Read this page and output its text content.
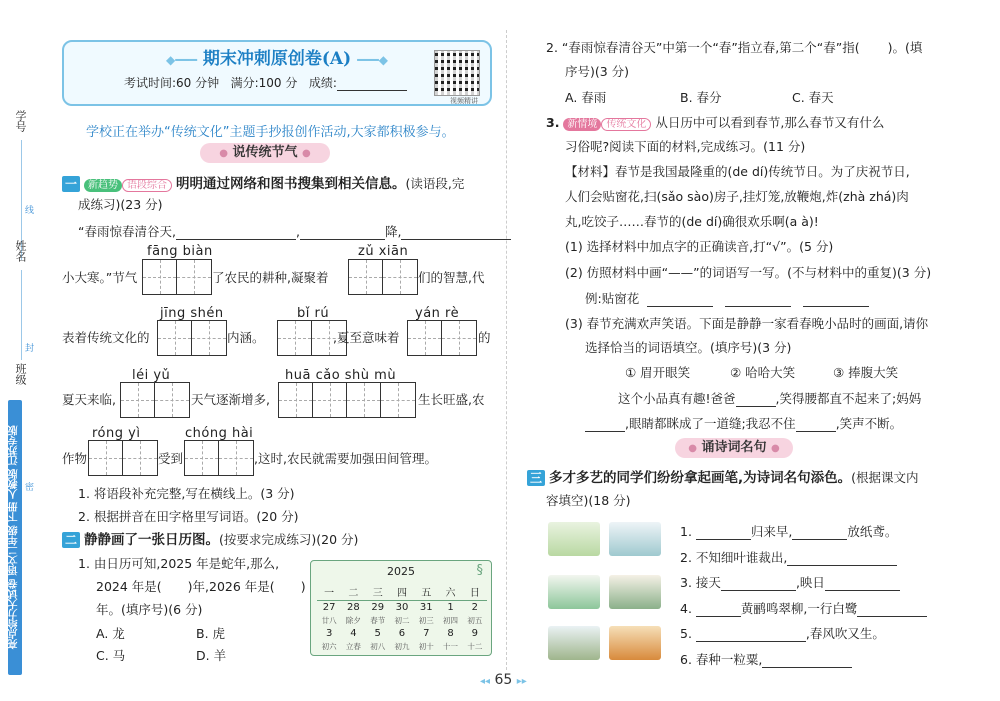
学号
姓名
班级
线
封
密
亮点给力大试卷 语文二年级 下册 人教版 江苏专版
◆━━━ 期末冲刺原创卷(A) ━━━◆
考试时间:60 分钟 满分:100 分 成绩:
视频精讲
学校正在举办“传统文化”主题手抄报创作活动,大家都积极参与。
● 说传统节气 ●
一 新趋势 语段综合 明明通过网络和图书搜集到相关信息。(读语段,完
成练习)(23 分)
“春雨惊春清谷天,	,	降,
fāng biàn	zǔ xiān
小大寒。”节气	了农民的耕种,凝聚着	们的智慧,代
jīng shén	bǐ rú	yán rè
表着传统文化的	内涵。	,夏至意味着	的
léi yǔ	huā cǎo shù mù
夏天来临,	天气逐渐增多,	生长旺盛,农
róng yì	chóng hài
作物	受到	,这时,农民就需要加强田间管理。
1. 将语段补充完整,写在横线上。(3 分)
2. 根据拼音在田字格里写词语。(20 分)
二 静静画了一张日历图。(按要求完成练习)(20 分)
1. 由日历可知,2025 年是蛇年,那么,
2024 年是( )年,2026 年是( )
年。(填序号)(6 分)
A. 龙	B. 虎
C. 马	D. 羊
2025	§
一	二	三	四	五	六	日
27	28	29	30	31	1	2
廿八	除夕	春节	初二	初三	初四	初五
3	4	5	6	7	8	9
初六	立春	初八	初九	初十	十一	十二
2. “春雨惊春清谷天”中第一个“春”指立春,第二个“春”指( )。(填
序号)(3 分)
A. 春雨	B. 春分	C. 春天
3. 新情境 传统文化 从日历中可以看到春节,那么春节又有什么
习俗呢?阅读下面的材料,完成练习。(11 分)
【材料】春节是我国最隆重的(de dí)传统节日。为了庆祝节日,
人们会贴窗花,扫(sǎo sào)房子,挂灯笼,放鞭炮,炸(zhà zhá)肉
丸,吃饺子……春节的(de dí)确很欢乐啊(a à)!
(1) 选择材料中加点字的正确读音,打“√”。(5 分)
(2) 仿照材料中画“——”的词语写一写。(不与材料中的重复)(3 分)
例:贴窗花
(3) 春节充满欢声笑语。下面是静静一家看春晚小品时的画面,请你
选择恰当的词语填空。(填序号)(3 分)
① 眉开眼笑	② 哈哈大笑	③ 捧腹大笑
这个小品真有趣!爸爸	,笑得腰都直不起来了;妈妈
,眼睛都眯成了一道缝;我忍不住	,笑声不断。
● 诵诗词名句 ●
三 多才多艺的同学们纷纷拿起画笔,为诗词名句添色。(根据课文内
容填空)(18 分)
1.	归来早,	放纸鸢。
2. 不知细叶谁裁出,
3. 接天	,映日
4.	黄鹂鸣翠柳,一行白鹭
5.	,春风吹又生。
6. 春种一粒粟,
◂◂ 65 ▸▸
